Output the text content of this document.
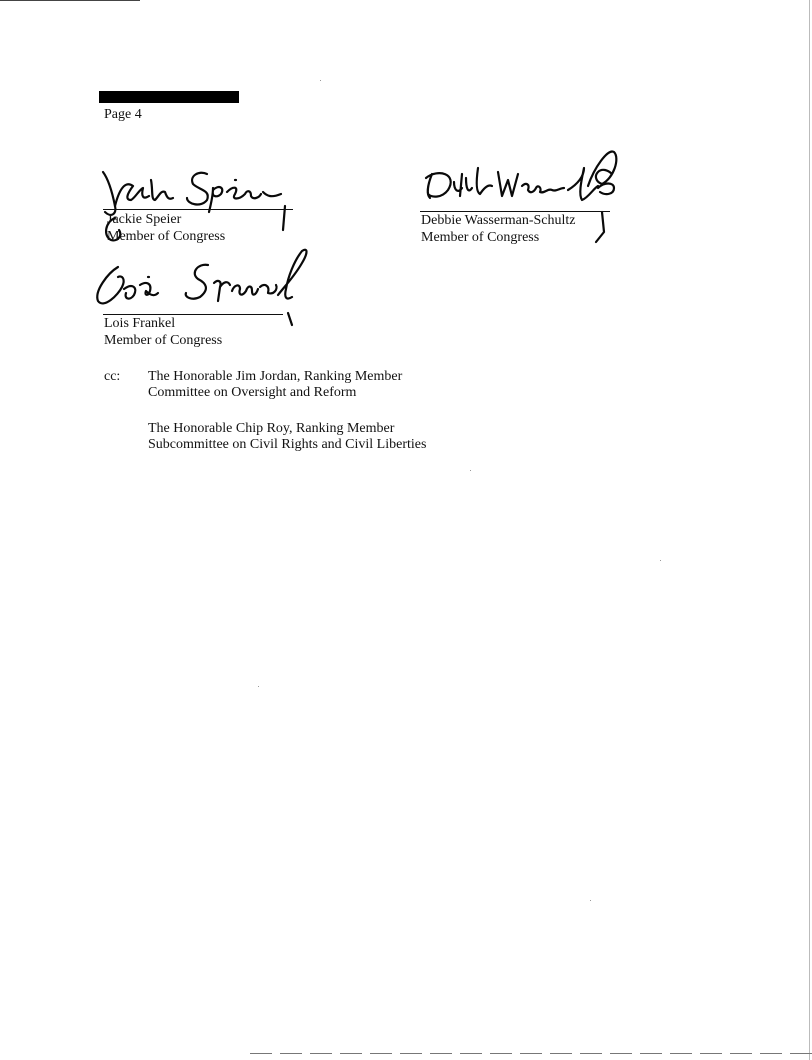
Page 4
Jackie Speier
Member of Congress
Debbie Wasserman-Schultz
Member of Congress
Lois Frankel
Member of Congress
cc: The Honorable Jim Jordan, Ranking Member
Committee on Oversight and Reform
The Honorable Chip Roy, Ranking Member
Subcommittee on Civil Rights and Civil Liberties
